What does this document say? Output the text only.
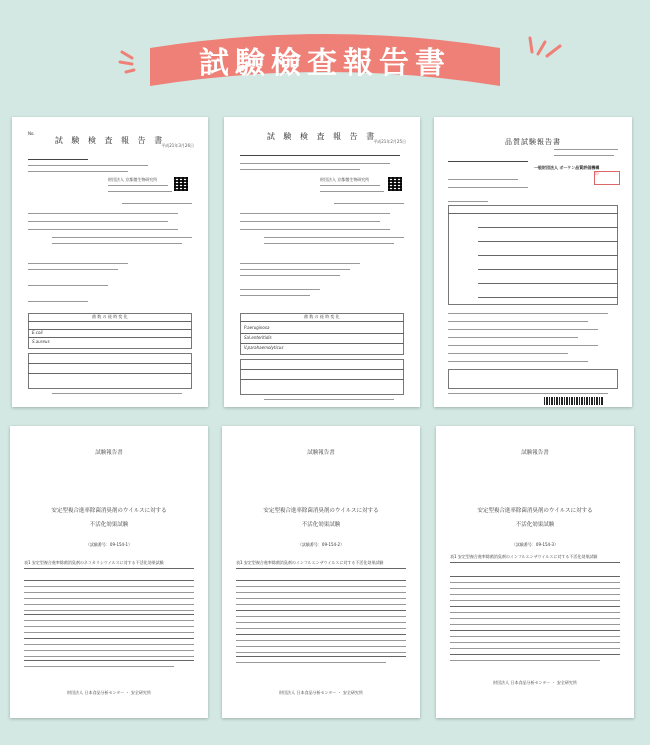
試驗檢查報告書
No.
試 験 検 査 報 告 書
平成21年3月26日
財団法人 京都微生物研究所
菌 数 の 経 時 変 化
E.coli
S.aureus
試 験 検 査 報 告 書
平成21年2月25日
財団法人 京都微生物研究所
菌 数 の 経 時 変 化
P.aeruginosa
Sal.enteritidis
V.parahaemolyticus
品質試験報告書
一般財団法人 ボーケン品質評価機構
印
試験報告書
安定型複合進率除菌消臭剤のウイルスに対する
不活化効果試験
（試験番号：09-154-1）
表1 安定型複合進率除菌消臭剤のネコカリシウイルスに対する不活化効果試験
財団法人 日本食品分析センター ・ 安全研究所
試験報告書
安定型複合進率除菌消臭剤のウイルスに対する
不活化効果試験
（試験番号：09-154-2）
表1 安定型複合進率除菌消臭剤のインフルエンザウイルスに対する不活化効果試験
財団法人 日本食品分析センター ・ 安全研究所
試験報告書
安定型複合進率除菌消臭剤のウイルスに対する
不活化効果試験
（試験番号：09-154-3）
表1 安定型複合進率除菌消臭剤のインフルエンザウイルスに対する不活化効果試験
財団法人 日本食品分析センター ・ 安全研究所
